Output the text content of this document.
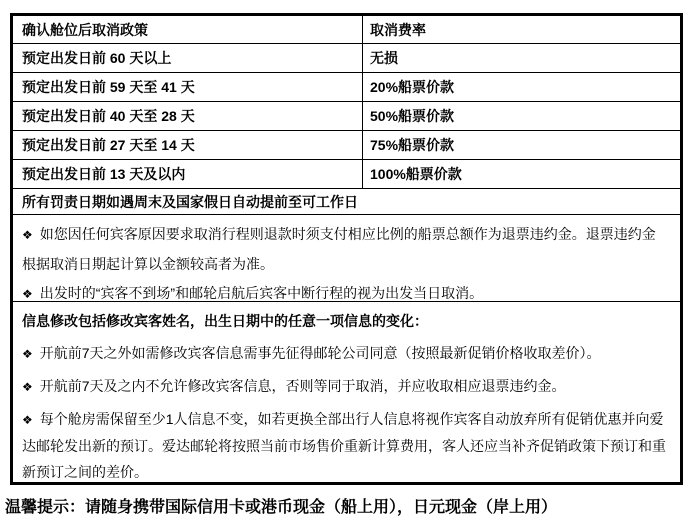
确认舱位后取消政策	取消费率
预定出发日前 60 天以上	无损
预定出发日前 59 天至 41 天	20%船票价款
预定出发日前 40 天至 28 天	50%船票价款
预定出发日前 27 天至 14 天	75%船票价款
预定出发日前 13 天及以内	100%船票价款
所有罚责日期如遇周末及国家假日自动提前至可工作日

❖ 如您因任何宾客原因要求取消行程则退款时须支付相应比例的船票总额作为退票违约金。退票违约金根据取消日期起计算以金额较高者为准。

❖ 出发时的“宾客不到场”和邮轮启航后宾客中断行程的视为出发当日取消。

信息修改包括修改宾客姓名，出生日期中的任意一项信息的变化：

❖ 开航前7天之外如需修改宾客信息需事先征得邮轮公司同意（按照最新促销价格收取差价）。

❖ 开航前7天及之内不允许修改宾客信息，否则等同于取消，并应收取相应退票违约金。

❖ 每个舱房需保留至少1人信息不变，如若更换全部出行人信息将视作宾客自动放弃所有促销优惠并向爱达邮轮发出新的预订。爱达邮轮将按照当前市场售价重新计算费用，客人还应当补齐促销政策下预订和重新预订之间的差价。

温馨提示：请随身携带国际信用卡或港币现金（船上用），日元现金（岸上用）
